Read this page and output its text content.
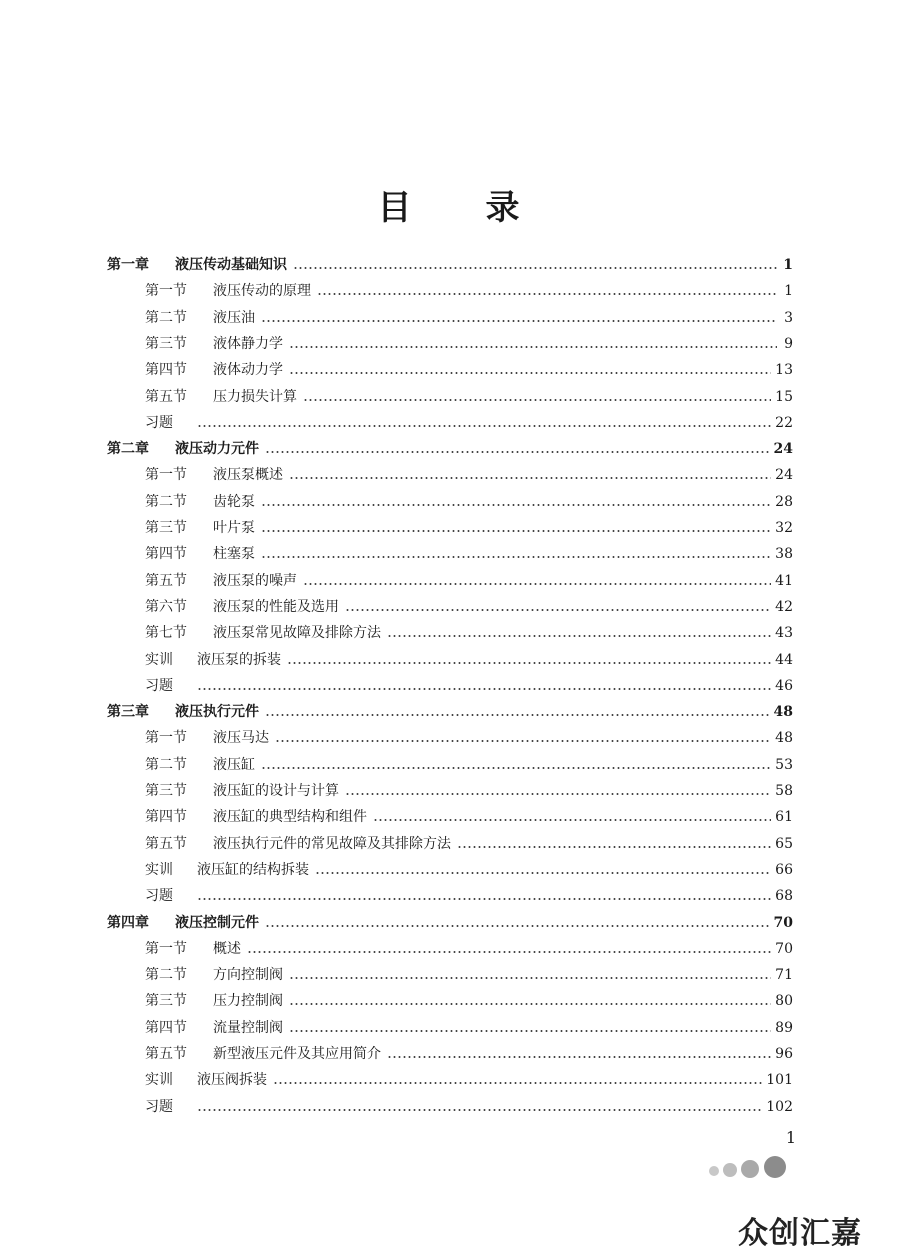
目 录
第一章	液压传动基础知识	1
第一节	液压传动的原理	1
第二节	液压油	3
第三节	液体静力学	9
第四节	液体动力学	13
第五节	压力损失计算	15
习题	22
第二章	液压动力元件	24
第一节	液压泵概述	24
第二节	齿轮泵	28
第三节	叶片泵	32
第四节	柱塞泵	38
第五节	液压泵的噪声	41
第六节	液压泵的性能及选用	42
第七节	液压泵常见故障及排除方法	43
实训	液压泵的拆装	44
习题	46
第三章	液压执行元件	48
第一节	液压马达	48
第二节	液压缸	53
第三节	液压缸的设计与计算	58
第四节	液压缸的典型结构和组件	61
第五节	液压执行元件的常见故障及其排除方法	65
实训	液压缸的结构拆装	66
习题	68
第四章	液压控制元件	70
第一节	概述	70
第二节	方向控制阀	71
第三节	压力控制阀	80
第四节	流量控制阀	89
第五节	新型液压元件及其应用简介	96
实训	液压阀拆装	101
习题	102
1
众创汇嘉
